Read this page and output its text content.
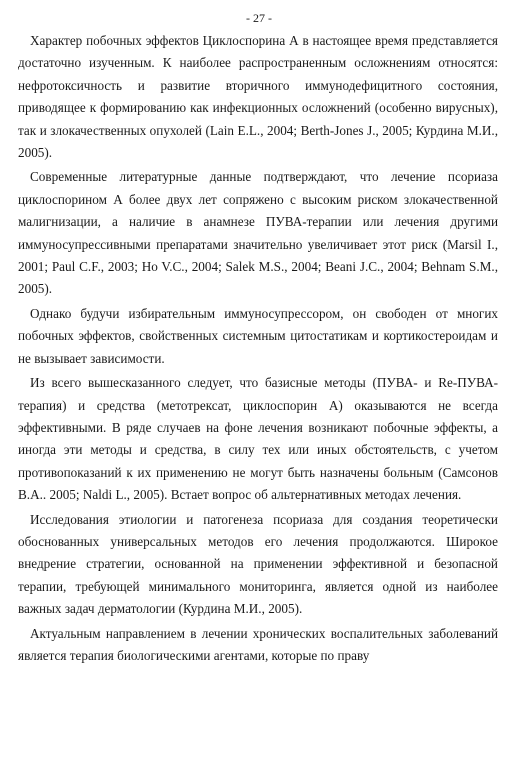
- 27 -

Характер побочных эффектов Циклоспорина А в настоящее время представляется достаточно изученным. К наиболее распространенным осложнениям относятся: нефротоксичность и развитие вторичного иммунодефицитного состояния, приводящее к формированию как инфекционных осложнений (особенно вирусных), так и злокачественных опухолей (Lain E.L., 2004; Berth-Jones J., 2005; Курдина М.И., 2005).

Современные литературные данные подтверждают, что лечение псориаза циклоспорином А более двух лет сопряжено с высоким риском злокачественной малигнизации, а наличие в анамнезе ПУВА-терапии или лечения другими иммуносупрессивными препаратами значительно увеличивает этот риск (Marsil I., 2001; Paul C.F., 2003; Ho V.C., 2004; Salek M.S., 2004; Beani J.C., 2004; Behnam S.M., 2005).

Однако будучи избирательным иммуносупрессором, он свободен от многих побочных эффектов, свойственных системным цитостатикам и кортикостероидам и не вызывает зависимости.

Из всего вышесказанного следует, что базисные методы (ПУВА- и Re-ПУВА-терапия) и средства (метотрексат, циклоспорин А) оказываются не всегда эффективными. В ряде случаев на фоне лечения возникают побочные эффекты, а иногда эти методы и средства, в силу тех или иных обстоятельств, с учетом противопоказаний к их применению не могут быть назначены больным (Самсонов В.А.. 2005; Naldi L., 2005). Встает вопрос об альтернативных методах лечения.

Исследования этиологии и патогенеза псориаза для создания теоретически обоснованных универсальных методов его лечения продолжаются. Широкое внедрение стратегии, основанной на применении эффективной и безопасной терапии, требующей минимального мониторинга, является одной из наиболее важных задач дерматологии (Курдина М.И., 2005).

Актуальным направлением в лечении хронических воспалительных заболеваний является терапия биологическими агентами, которые по праву
